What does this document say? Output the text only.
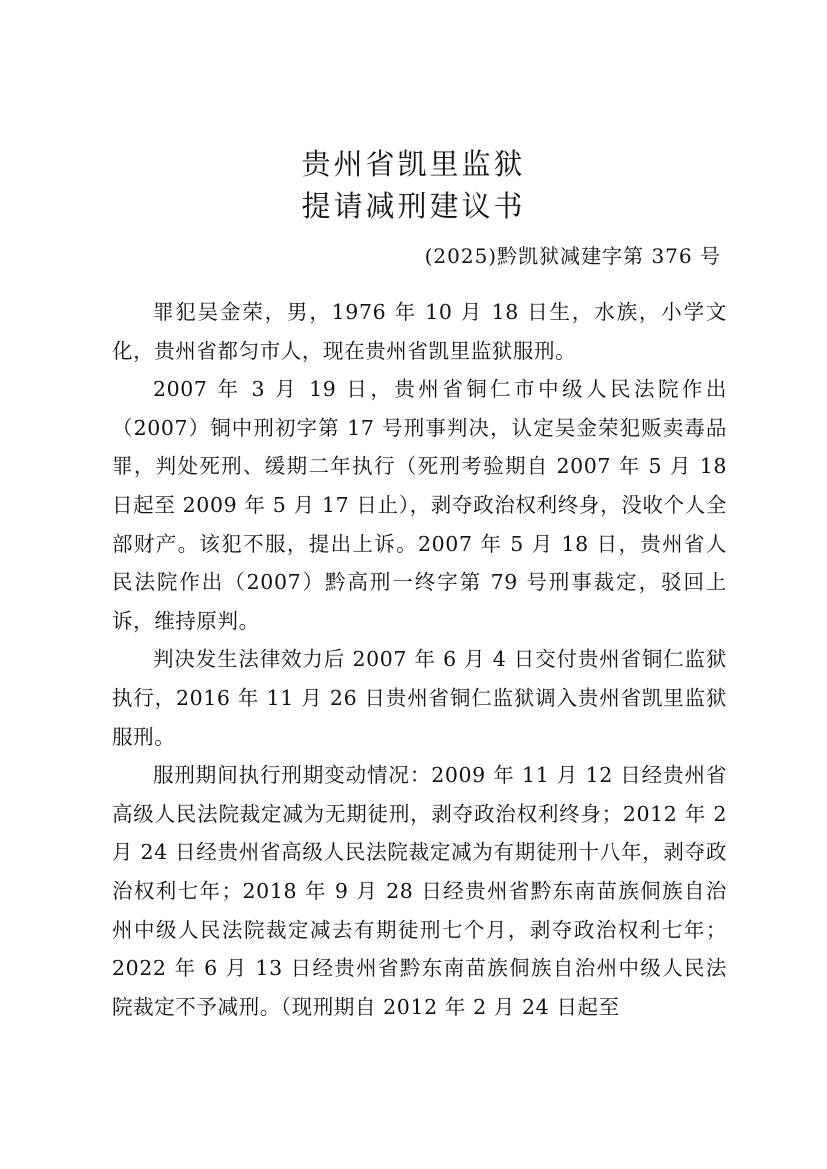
贵州省凯里监狱
提请减刑建议书
(2025)黔凯狱减建字第 376 号

罪犯吴金荣，男，1976 年 10 月 18 日生，水族，小学文化，贵州省都匀市人，现在贵州省凯里监狱服刑。

2007 年 3 月 19 日，贵州省铜仁市中级人民法院作出（2007）铜中刑初字第 17 号刑事判决，认定吴金荣犯贩卖毒品罪，判处死刑、缓期二年执行（死刑考验期自 2007 年 5 月 18 日起至 2009 年 5 月 17 日止），剥夺政治权利终身，没收个人全部财产。该犯不服，提出上诉。2007 年 5 月 18 日，贵州省人民法院作出（2007）黔高刑一终字第 79 号刑事裁定，驳回上诉，维持原判。

判决发生法律效力后 2007 年 6 月 4 日交付贵州省铜仁监狱执行，2016 年 11 月 26 日贵州省铜仁监狱调入贵州省凯里监狱服刑。

服刑期间执行刑期变动情况：2009 年 11 月 12 日经贵州省高级人民法院裁定减为无期徒刑，剥夺政治权利终身；2012 年 2 月 24 日经贵州省高级人民法院裁定减为有期徒刑十八年，剥夺政治权利七年；2018 年 9 月 28 日经贵州省黔东南苗族侗族自治州中级人民法院裁定减去有期徒刑七个月，剥夺政治权利七年；2022 年 6 月 13 日经贵州省黔东南苗族侗族自治州中级人民法院裁定不予减刑。（现刑期自 2012 年 2 月 24 日起至
